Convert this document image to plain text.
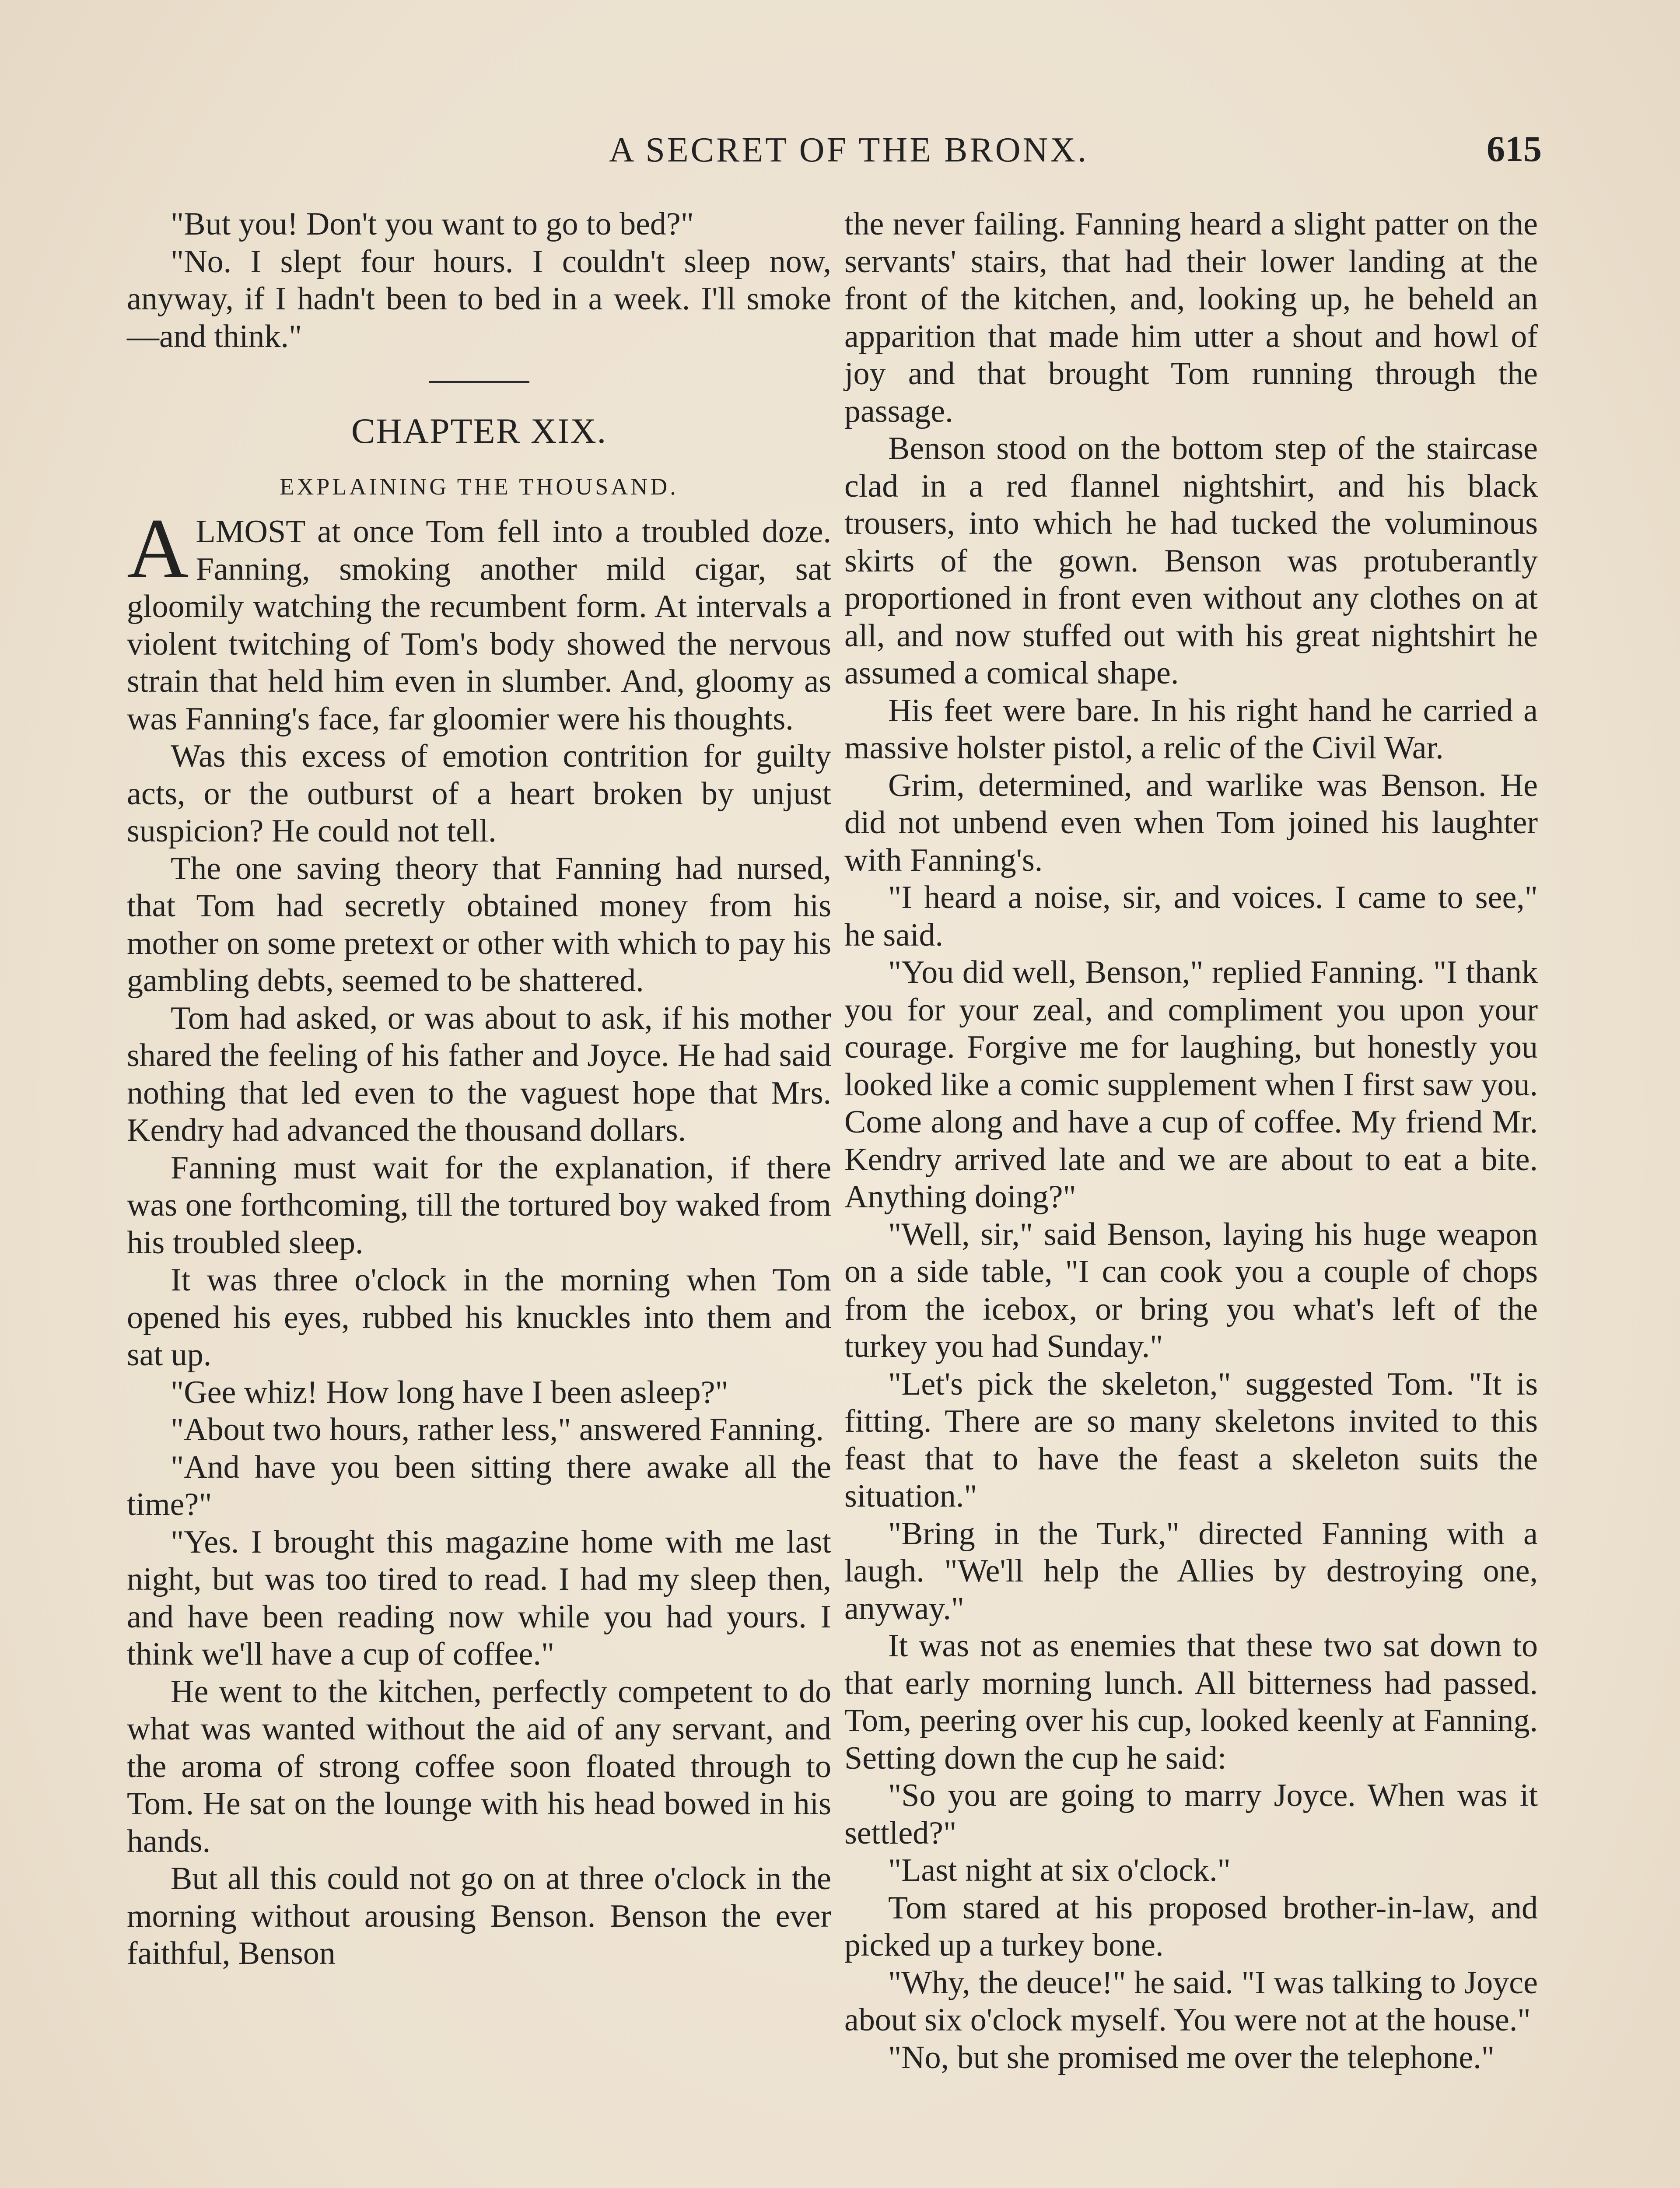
A SECRET OF THE BRONX.	615

"But you! Don't you want to go to bed?"

"No. I slept four hours. I couldn't sleep now, anyway, if I hadn't been to bed in a week. I'll smoke—and think."

CHAPTER XIX.
EXPLAINING THE THOUSAND.

ALMOST at once Tom fell into a troubled doze. Fanning, smoking another mild cigar, sat gloomily watching the recumbent form. At intervals a violent twitching of Tom's body showed the nervous strain that held him even in slumber. And, gloomy as was Fanning's face, far gloomier were his thoughts.

Was this excess of emotion contrition for guilty acts, or the outburst of a heart broken by unjust suspicion? He could not tell.

The one saving theory that Fanning had nursed, that Tom had secretly obtained money from his mother on some pretext or other with which to pay his gambling debts, seemed to be shattered.

Tom had asked, or was about to ask, if his mother shared the feeling of his father and Joyce. He had said nothing that led even to the vaguest hope that Mrs. Kendry had advanced the thousand dollars.

Fanning must wait for the explanation, if there was one forthcoming, till the tortured boy waked from his troubled sleep.

It was three o'clock in the morning when Tom opened his eyes, rubbed his knuckles into them and sat up.

"Gee whiz! How long have I been asleep?"

"About two hours, rather less," answered Fanning.

"And have you been sitting there awake all the time?"

"Yes. I brought this magazine home with me last night, but was too tired to read. I had my sleep then, and have been reading now while you had yours. I think we'll have a cup of coffee."

He went to the kitchen, perfectly competent to do what was wanted without the aid of any servant, and the aroma of strong coffee soon floated through to Tom. He sat on the lounge with his head bowed in his hands.

But all this could not go on at three o'clock in the morning without arousing Benson. Benson the ever faithful, Benson

the never failing. Fanning heard a slight patter on the servants' stairs, that had their lower landing at the front of the kitchen, and, looking up, he beheld an apparition that made him utter a shout and howl of joy and that brought Tom running through the passage.

Benson stood on the bottom step of the staircase clad in a red flannel nightshirt, and his black trousers, into which he had tucked the voluminous skirts of the gown. Benson was protuberantly proportioned in front even without any clothes on at all, and now stuffed out with his great nightshirt he assumed a comical shape.

His feet were bare. In his right hand he carried a massive holster pistol, a relic of the Civil War.

Grim, determined, and warlike was Benson. He did not unbend even when Tom joined his laughter with Fanning's.

"I heard a noise, sir, and voices. I came to see," he said.

"You did well, Benson," replied Fanning. "I thank you for your zeal, and compliment you upon your courage. Forgive me for laughing, but honestly you looked like a comic supplement when I first saw you. Come along and have a cup of coffee. My friend Mr. Kendry arrived late and we are about to eat a bite. Anything doing?"

"Well, sir," said Benson, laying his huge weapon on a side table, "I can cook you a couple of chops from the icebox, or bring you what's left of the turkey you had Sunday."

"Let's pick the skeleton," suggested Tom. "It is fitting. There are so many skeletons invited to this feast that to have the feast a skeleton suits the situation."

"Bring in the Turk," directed Fanning with a laugh. "We'll help the Allies by destroying one, anyway."

It was not as enemies that these two sat down to that early morning lunch. All bitterness had passed. Tom, peering over his cup, looked keenly at Fanning. Setting down the cup he said:

"So you are going to marry Joyce. When was it settled?"

"Last night at six o'clock."

Tom stared at his proposed brother-in-law, and picked up a turkey bone.

"Why, the deuce!" he said. "I was talking to Joyce about six o'clock myself. You were not at the house."

"No, but she promised me over the telephone."
